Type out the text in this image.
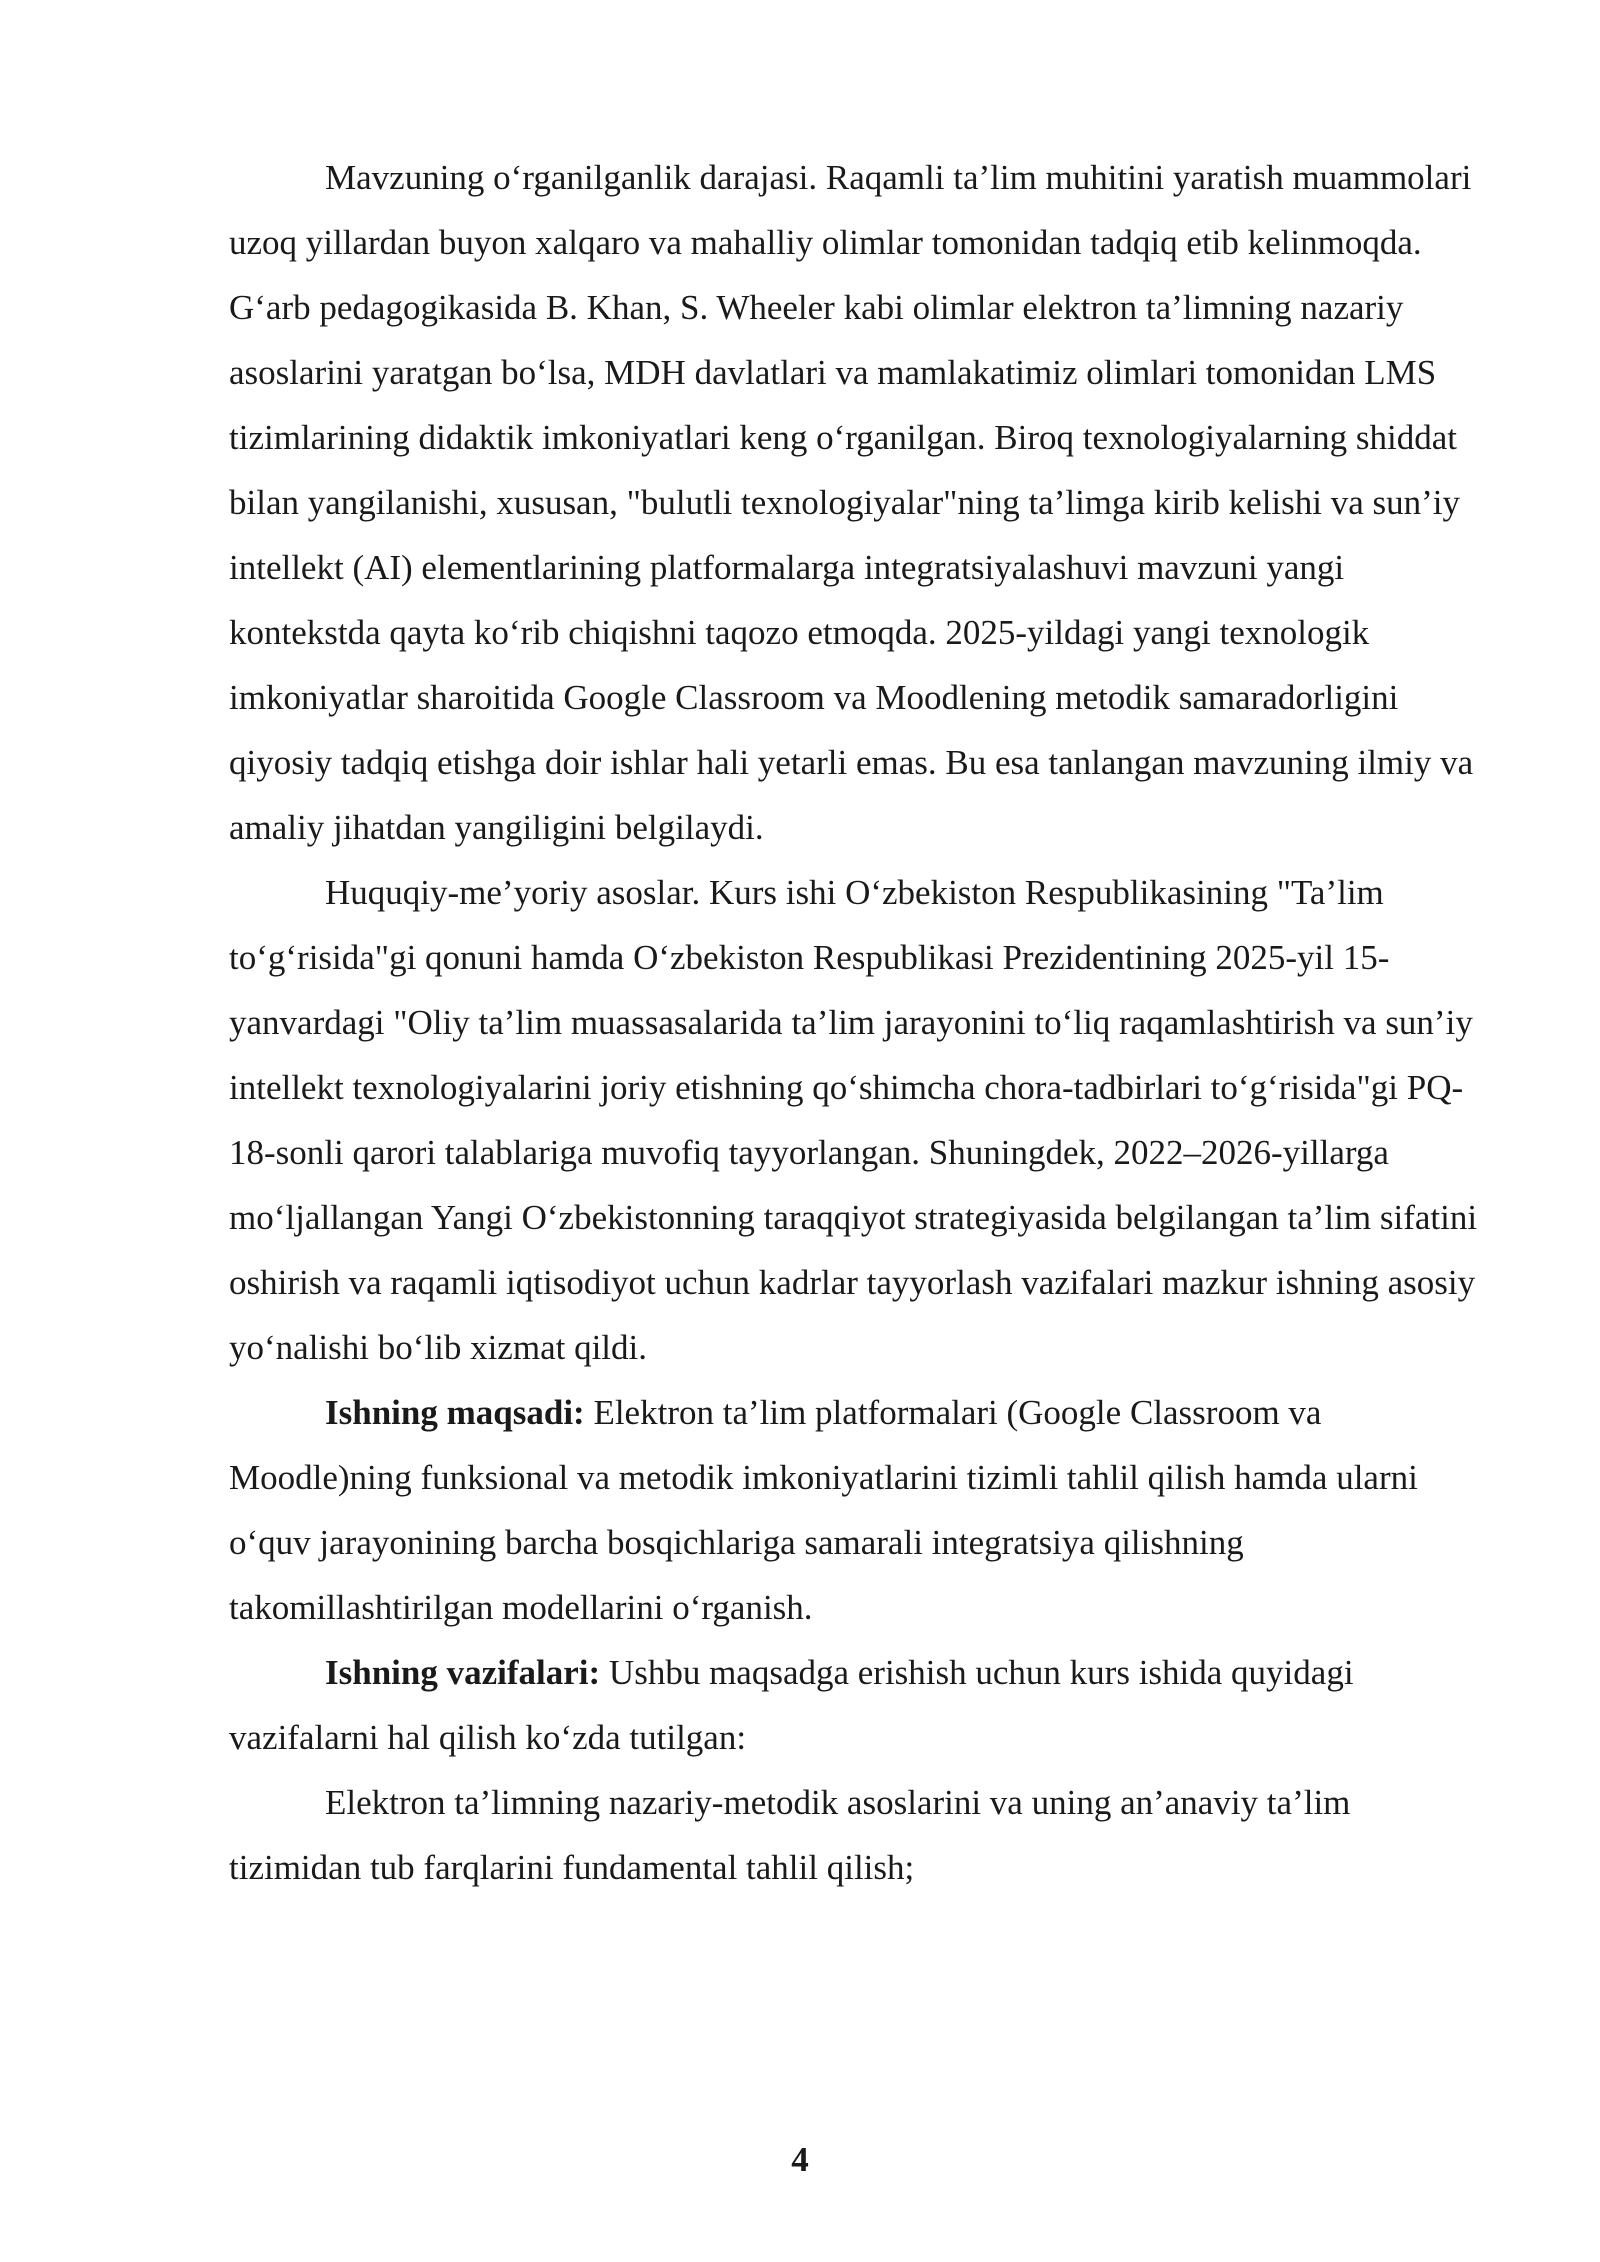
Mavzuning o‘rganilganlik darajasi. Raqamli ta’lim muhitini yaratish muammolari uzoq yillardan buyon xalqaro va mahalliy olimlar tomonidan tadqiq etib kelinmoqda. G‘arb pedagogikasida B. Khan, S. Wheeler kabi olimlar elektron ta’limning nazariy asoslarini yaratgan bo‘lsa, MDH davlatlari va mamlakatimiz olimlari tomonidan LMS tizimlarining didaktik imkoniyatlari keng o‘rganilgan. Biroq texnologiyalarning shiddat bilan yangilanishi, xususan, "bulutli texnologiyalar"ning ta’limga kirib kelishi va sun’iy intellekt (AI) elementlarining platformalarga integratsiyalashuvi mavzuni yangi kontekstda qayta ko‘rib chiqishni taqozo etmoqda. 2025-yildagi yangi texnologik imkoniyatlar sharoitida Google Classroom va Moodlening metodik samaradorligini qiyosiy tadqiq etishga doir ishlar hali yetarli emas. Bu esa tanlangan mavzuning ilmiy va amaliy jihatdan yangiligini belgilaydi.

Huquqiy-me’yoriy asoslar. Kurs ishi O‘zbekiston Respublikasining "Ta’lim to‘g‘risida"gi qonuni hamda O‘zbekiston Respublikasi Prezidentining 2025-yil 15-yanvardagi "Oliy ta’lim muassasalarida ta’lim jarayonini to‘liq raqamlashtirish va sun’iy intellekt texnologiyalarini joriy etishning qo‘shimcha chora-tadbirlari to‘g‘risida"gi PQ-18-sonli qarori talablariga muvofiq tayyorlangan. Shuningdek, 2022–2026-yillarga mo‘ljallangan Yangi O‘zbekistonning taraqqiyot strategiyasida belgilangan ta’lim sifatini oshirish va raqamli iqtisodiyot uchun kadrlar tayyorlash vazifalari mazkur ishning asosiy yo‘nalishi bo‘lib xizmat qildi.

Ishning maqsadi: Elektron ta’lim platformalari (Google Classroom va Moodle)ning funksional va metodik imkoniyatlarini tizimli tahlil qilish hamda ularni o‘quv jarayonining barcha bosqichlariga samarali integratsiya qilishning takomillashtirilgan modellarini o‘rganish.

Ishning vazifalari: Ushbu maqsadga erishish uchun kurs ishida quyidagi vazifalarni hal qilish ko‘zda tutilgan:

Elektron ta’limning nazariy-metodik asoslarini va uning an’anaviy ta’lim tizimidan tub farqlarini fundamental tahlil qilish;

4
